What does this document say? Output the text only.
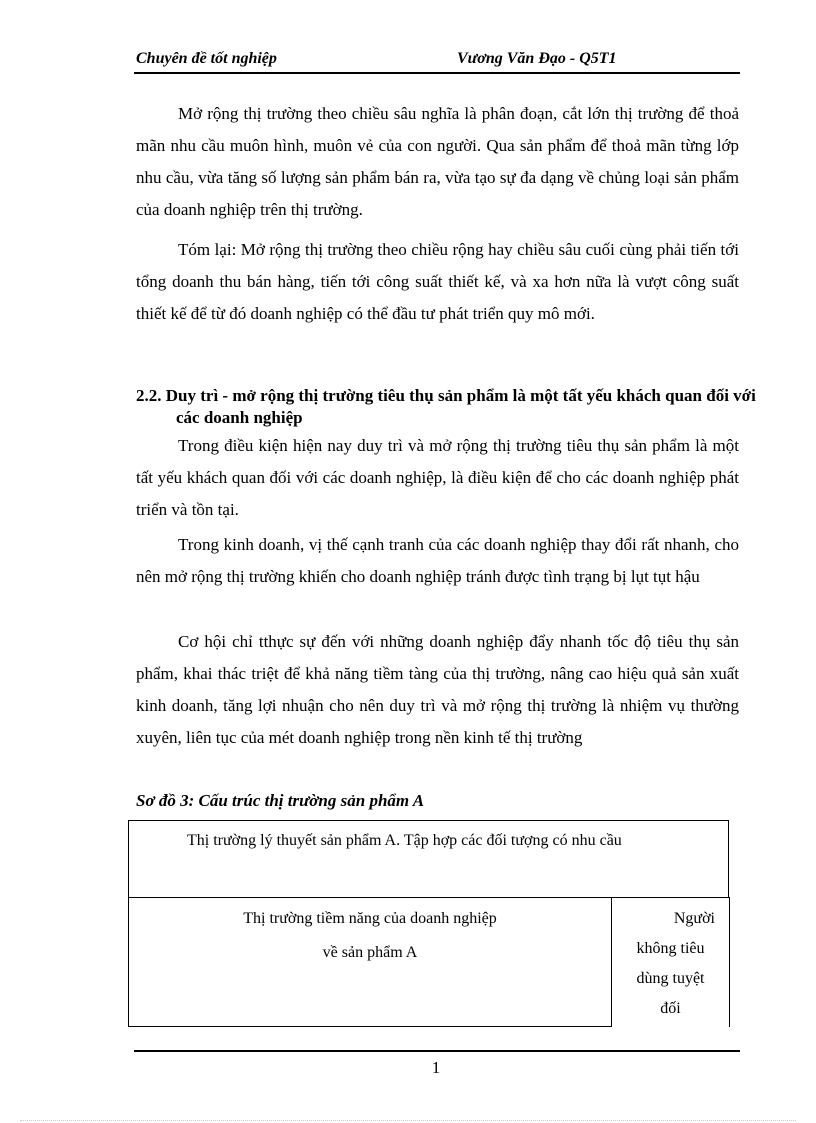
Chuyên đề tốt nghiệp	Vương Văn Đạo - Q5T1

Mở rộng thị trường theo chiều sâu nghĩa là phân đoạn, cắt lớn thị trường để thoả mãn nhu cầu muôn hình, muôn vẻ của con người. Qua sản phẩm để thoả mãn từng lớp nhu cầu, vừa tăng số lượng sản phẩm bán ra, vừa tạo sự đa dạng về chủng loại sản phẩm của doanh nghiệp trên thị trường.

Tóm lại: Mở rộng thị trường theo chiều rộng hay chiều sâu cuối cùng phải tiến tới tổng doanh thu bán hàng, tiến tới công suất thiết kế, và xa hơn nữa là vượt công suất thiết kế để từ đó doanh nghiệp có thể đầu tư phát triển quy mô mới.

2.2. Duy trì - mở rộng thị trường tiêu thụ sản phẩm là một tất yếu khách quan đối với các doanh nghiệp

Trong điều kiện hiện nay duy trì và mở rộng thị trường tiêu thụ sản phẩm là một tất yếu khách quan đối với các doanh nghiệp, là điều kiện để cho các doanh nghiệp phát triển và tồn tại.

Trong kinh doanh, vị thế cạnh tranh của các doanh nghiệp thay đổi rất nhanh, cho nên mở rộng thị trường khiến cho doanh nghiệp tránh được tình trạng bị lụt tụt hậu

Cơ hội chỉ tthực sự đến với những doanh nghiệp đẩy nhanh tốc độ tiêu thụ sản phẩm, khai thác triệt để khả năng tiềm tàng của thị trường, nâng cao hiệu quả sản xuất kinh doanh, tăng lợi nhuận cho nên duy trì và mở rộng thị trường là nhiệm vụ thường xuyên, liên tục của mét doanh nghiệp trong nền kinh tế thị trường

Sơ đồ 3: Cấu trúc thị trường sản phẩm A

Thị trường lý thuyết sản phẩm A. Tập hợp các đối tượng có nhu cầu
Thị trường tiềm năng của doanh nghiệp
về sản phẩm A
Người
không tiêu
dùng tuyệt
đối
1
